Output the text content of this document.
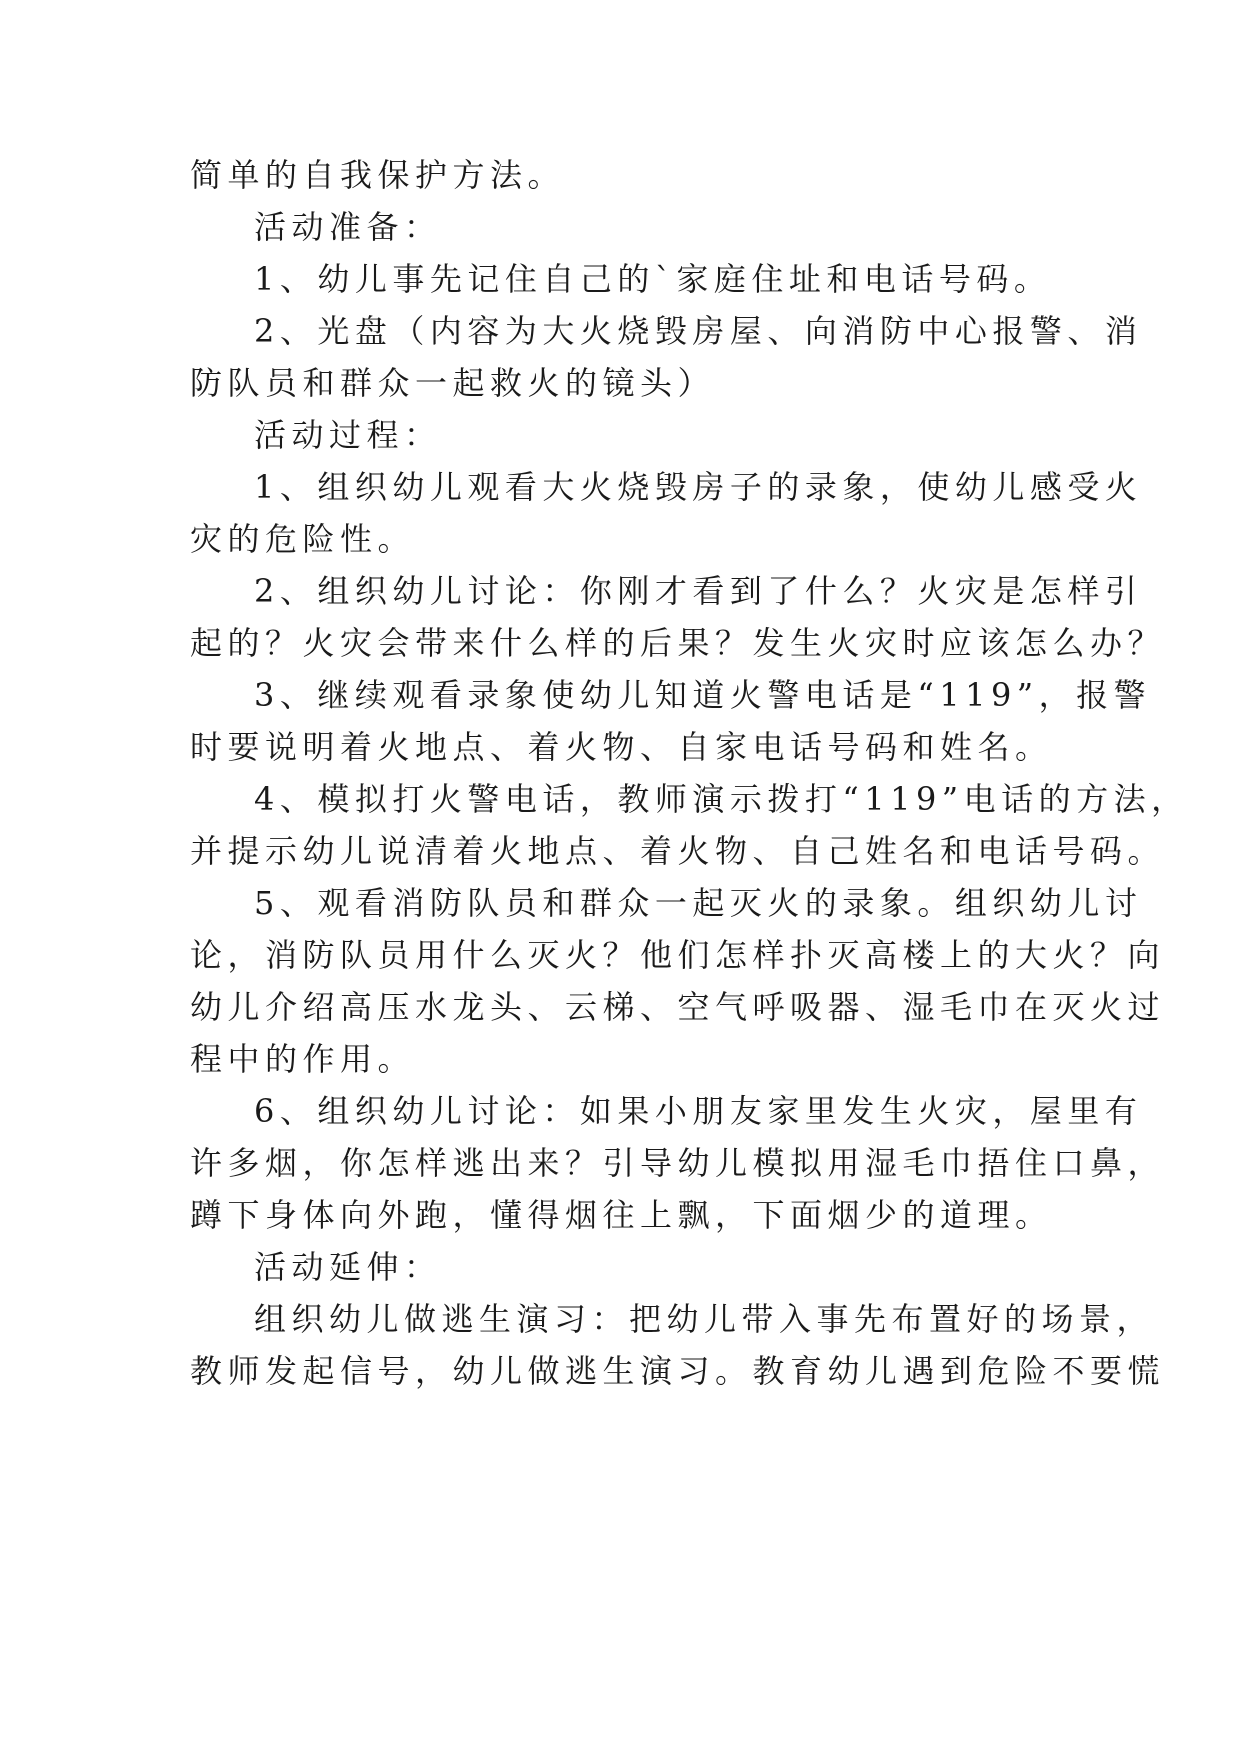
简单的自我保护方法。
活动准备：
1、幼儿事先记住自己的`家庭住址和电话号码。
2、光盘（内容为大火烧毁房屋、向消防中心报警、消
防队员和群众一起救火的镜头）
活动过程：
1、组织幼儿观看大火烧毁房子的录象，使幼儿感受火
灾的危险性。
2、组织幼儿讨论：你刚才看到了什么？火灾是怎样引
起的？火灾会带来什么样的后果？发生火灾时应该怎么办？
3、继续观看录象使幼儿知道火警电话是“119”，报警
时要说明着火地点、着火物、自家电话号码和姓名。
4、模拟打火警电话，教师演示拨打“119”电话的方法，
并提示幼儿说清着火地点、着火物、自己姓名和电话号码。
5、观看消防队员和群众一起灭火的录象。组织幼儿讨
论，消防队员用什么灭火？他们怎样扑灭高楼上的大火？向
幼儿介绍高压水龙头、云梯、空气呼吸器、湿毛巾在灭火过
程中的作用。
6、组织幼儿讨论：如果小朋友家里发生火灾，屋里有
许多烟，你怎样逃出来？引导幼儿模拟用湿毛巾捂住口鼻，
蹲下身体向外跑，懂得烟往上飘，下面烟少的道理。
活动延伸：
组织幼儿做逃生演习：把幼儿带入事先布置好的场景，
教师发起信号，幼儿做逃生演习。教育幼儿遇到危险不要慌
